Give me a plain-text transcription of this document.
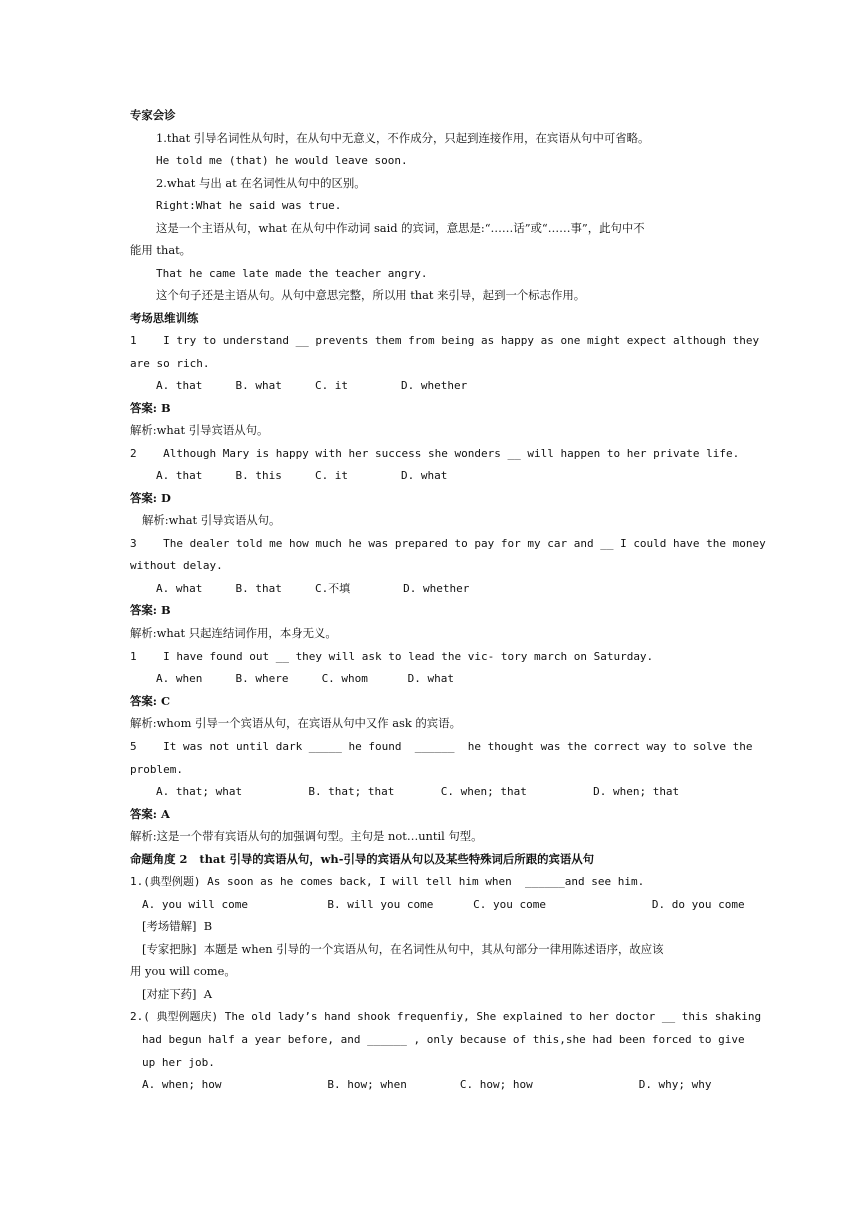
专家会诊
1.that 引导名词性从句时，在从句中无意义，不作成分，只起到连接作用，在宾语从句中可省略。
He told me (that) he would leave soon.
2.what 与出 at 在名词性从句中的区别。
Right:What he said was true.
这是一个主语从句，what 在从句中作动词 said 的宾词，意思是:“……话”或“……事”，此句中不
能用 that。
That he came late made the teacher angry.
这个句子还是主语从句。从句中意思完整，所以用 that 来引导，起到一个标志作用。
考场思维训练
1    I try to understand __ prevents them from being as happy as one might expect although they
are so rich.
A. that     B. what     C. it        D. whether
答案: B
解析:what 引导宾语从句。
2    Although Mary is happy with her success she wonders __ will happen to her private life.
A. that     B. this     C. it        D. what
答案: D
解析:what 引导宾语从句。
3    The dealer told me how much he was prepared to pay for my car and __ I could have the money
without delay.
A. what     B. that     C.不填        D. whether
答案: B
解析:what 只起连结词作用，本身无义。
1    I have found out __ they will ask to lead the vic- tory march on Saturday.
A. when     B. where     C. whom      D. what
答案: C
解析:whom 引导一个宾语从句，在宾语从句中又作 ask 的宾语。
5    It was not until dark _____ he found  ______  he thought was the correct way to solve the
problem.
A. that; what          B. that; that       C. when; that          D. when; that
答案: A
解析:这是一个带有宾语从句的加强调句型。主句是 not…until 句型。
命题角度 2   that 引导的宾语从句，wh-引导的宾语从句以及某些特殊词后所跟的宾语从句
1.(典型例题) As soon as he comes back, I will tell him when  ______and see him.
A. you will come            B. will you come      C. you come                D. do you come
[考场错解]  B
[专家把脉]  本题是 when 引导的一个宾语从句，在名词性从句中，其从句部分一律用陈述语序，故应该
用 you will come。
[对症下药]  A
2.( 典型例题庆) The old lady’s hand shook frequenfiy, She explained to her doctor __ this shaking
had begun half a year before, and ______ , only because of this,she had been forced to give
up her job.
A. when; how                B. how; when        C. how; how                D. why; why
